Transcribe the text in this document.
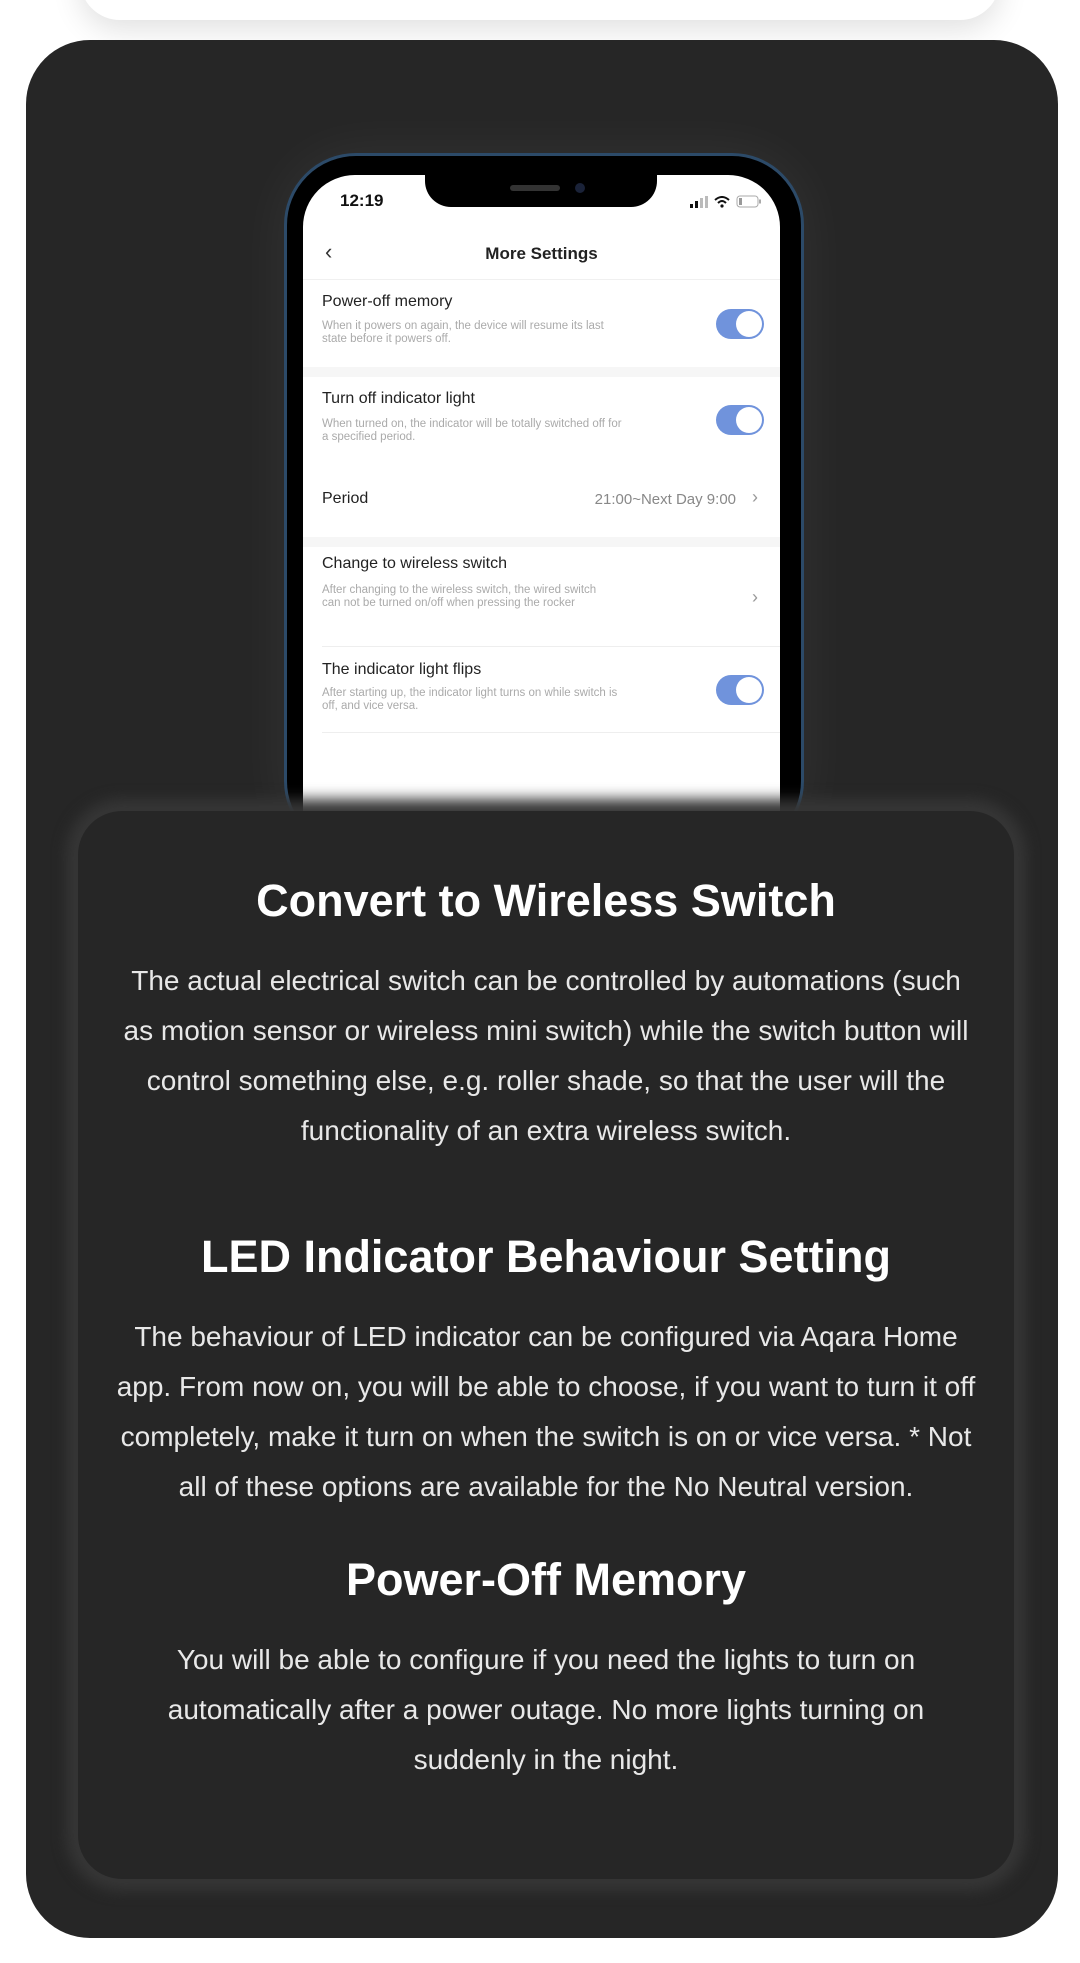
12:19
‹	More Settings
Power-off memory
When it powers on again, the device will resume its last state before it powers off.
Turn off indicator light
When turned on, the indicator will be totally switched off for a specified period.
Period	21:00~Next Day 9:00 ›
Change to wireless switch
After changing to the wireless switch, the wired switch can not be turned on/off when pressing the rocker	›
The indicator light flips
After starting up, the indicator light turns on while switch is off, and vice versa.
Convert to Wireless Switch

The actual electrical switch can be controlled by automations (such as motion sensor or wireless mini switch) while the switch button will control something else, e.g. roller shade, so that the user will the functionality of an extra wireless switch.

LED Indicator Behaviour Setting

The behaviour of LED indicator can be configured via Aqara Home app. From now on, you will be able to choose, if you want to turn it off completely, make it turn on when the switch is on or vice versa. * Not all of these options are available for the No Neutral version.

Power-Off Memory

You will be able to configure if you need the lights to turn on automatically after a power outage. No more lights turning on suddenly in the night.
